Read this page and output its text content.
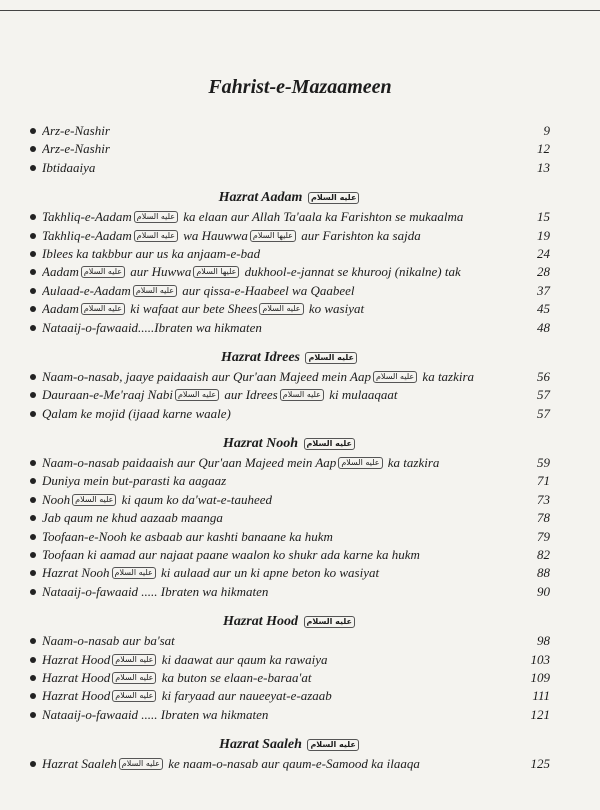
Fahrist-e-Mazaameen
Arz-e-Nashir	9
Arz-e-Nashir	12
Ibtidaaiya	13
Hazrat Aadam عليه السلام
Takhliq-e-Aadam عليه السلام ka elaan aur Allah Ta'aala ka Farishton se mukaalma	15
Takhliq-e-Aadam عليه السلام wa Hauwwa عليها السلام aur Farishton ka sajda	19
Iblees ka takbbur aur us ka anjaam-e-bad	24
Aadam عليه السلام aur Huwwa عليها السلام dukhool-e-jannat se khurooj (nikalne) tak	28
Aulaad-e-Aadam عليه السلام aur qissa-e-Haabeel wa Qaabeel	37
Aadam عليه السلام ki wafaat aur bete Shees عليه السلام ko wasiyat	45
Nataaij-o-fawaaid.....Ibraten wa hikmaten	48
Hazrat Idrees عليه السلام
Naam-o-nasab, jaaye paidaaish aur Qur'aan Majeed mein Aap عليه السلام ka tazkira	56
Dauraan-e-Me'raaj Nabi عليه السلام aur Idrees عليه السلام ki mulaaqaat	57
Qalam ke mojid (ijaad karne waale)	57
Hazrat Nooh عليه السلام
Naam-o-nasab paidaaish aur Qur'aan Majeed mein Aap عليه السلام ka tazkira	59
Duniya mein but-parasti ka aagaaz	71
Nooh عليه السلام ki qaum ko da'wat-e-tauheed	73
Jab qaum ne khud aazaab maanga	78
Toofaan-e-Nooh ke asbaab aur kashti banaane ka hukm	79
Toofaan ki aamad aur najaat paane waalon ko shukr ada karne ka hukm	82
Hazrat Nooh عليه السلام ki aulaad aur un ki apne beton ko wasiyat	88
Nataaij-o-fawaaid ..... Ibraten wa hikmaten	90
Hazrat Hood عليه السلام
Naam-o-nasab aur ba'sat	98
Hazrat Hood عليه السلام ki daawat aur qaum ka rawaiya	103
Hazrat Hood عليه السلام ka buton se elaan-e-baraa'at	109
Hazrat Hood عليه السلام ki faryaad aur naueeyat-e-azaab	111
Nataaij-o-fawaaid ..... Ibraten wa hikmaten	121
Hazrat Saaleh عليه السلام
Hazrat Saaleh عليه السلام ke naam-o-nasab aur qaum-e-Samood ka ilaaqa	125
